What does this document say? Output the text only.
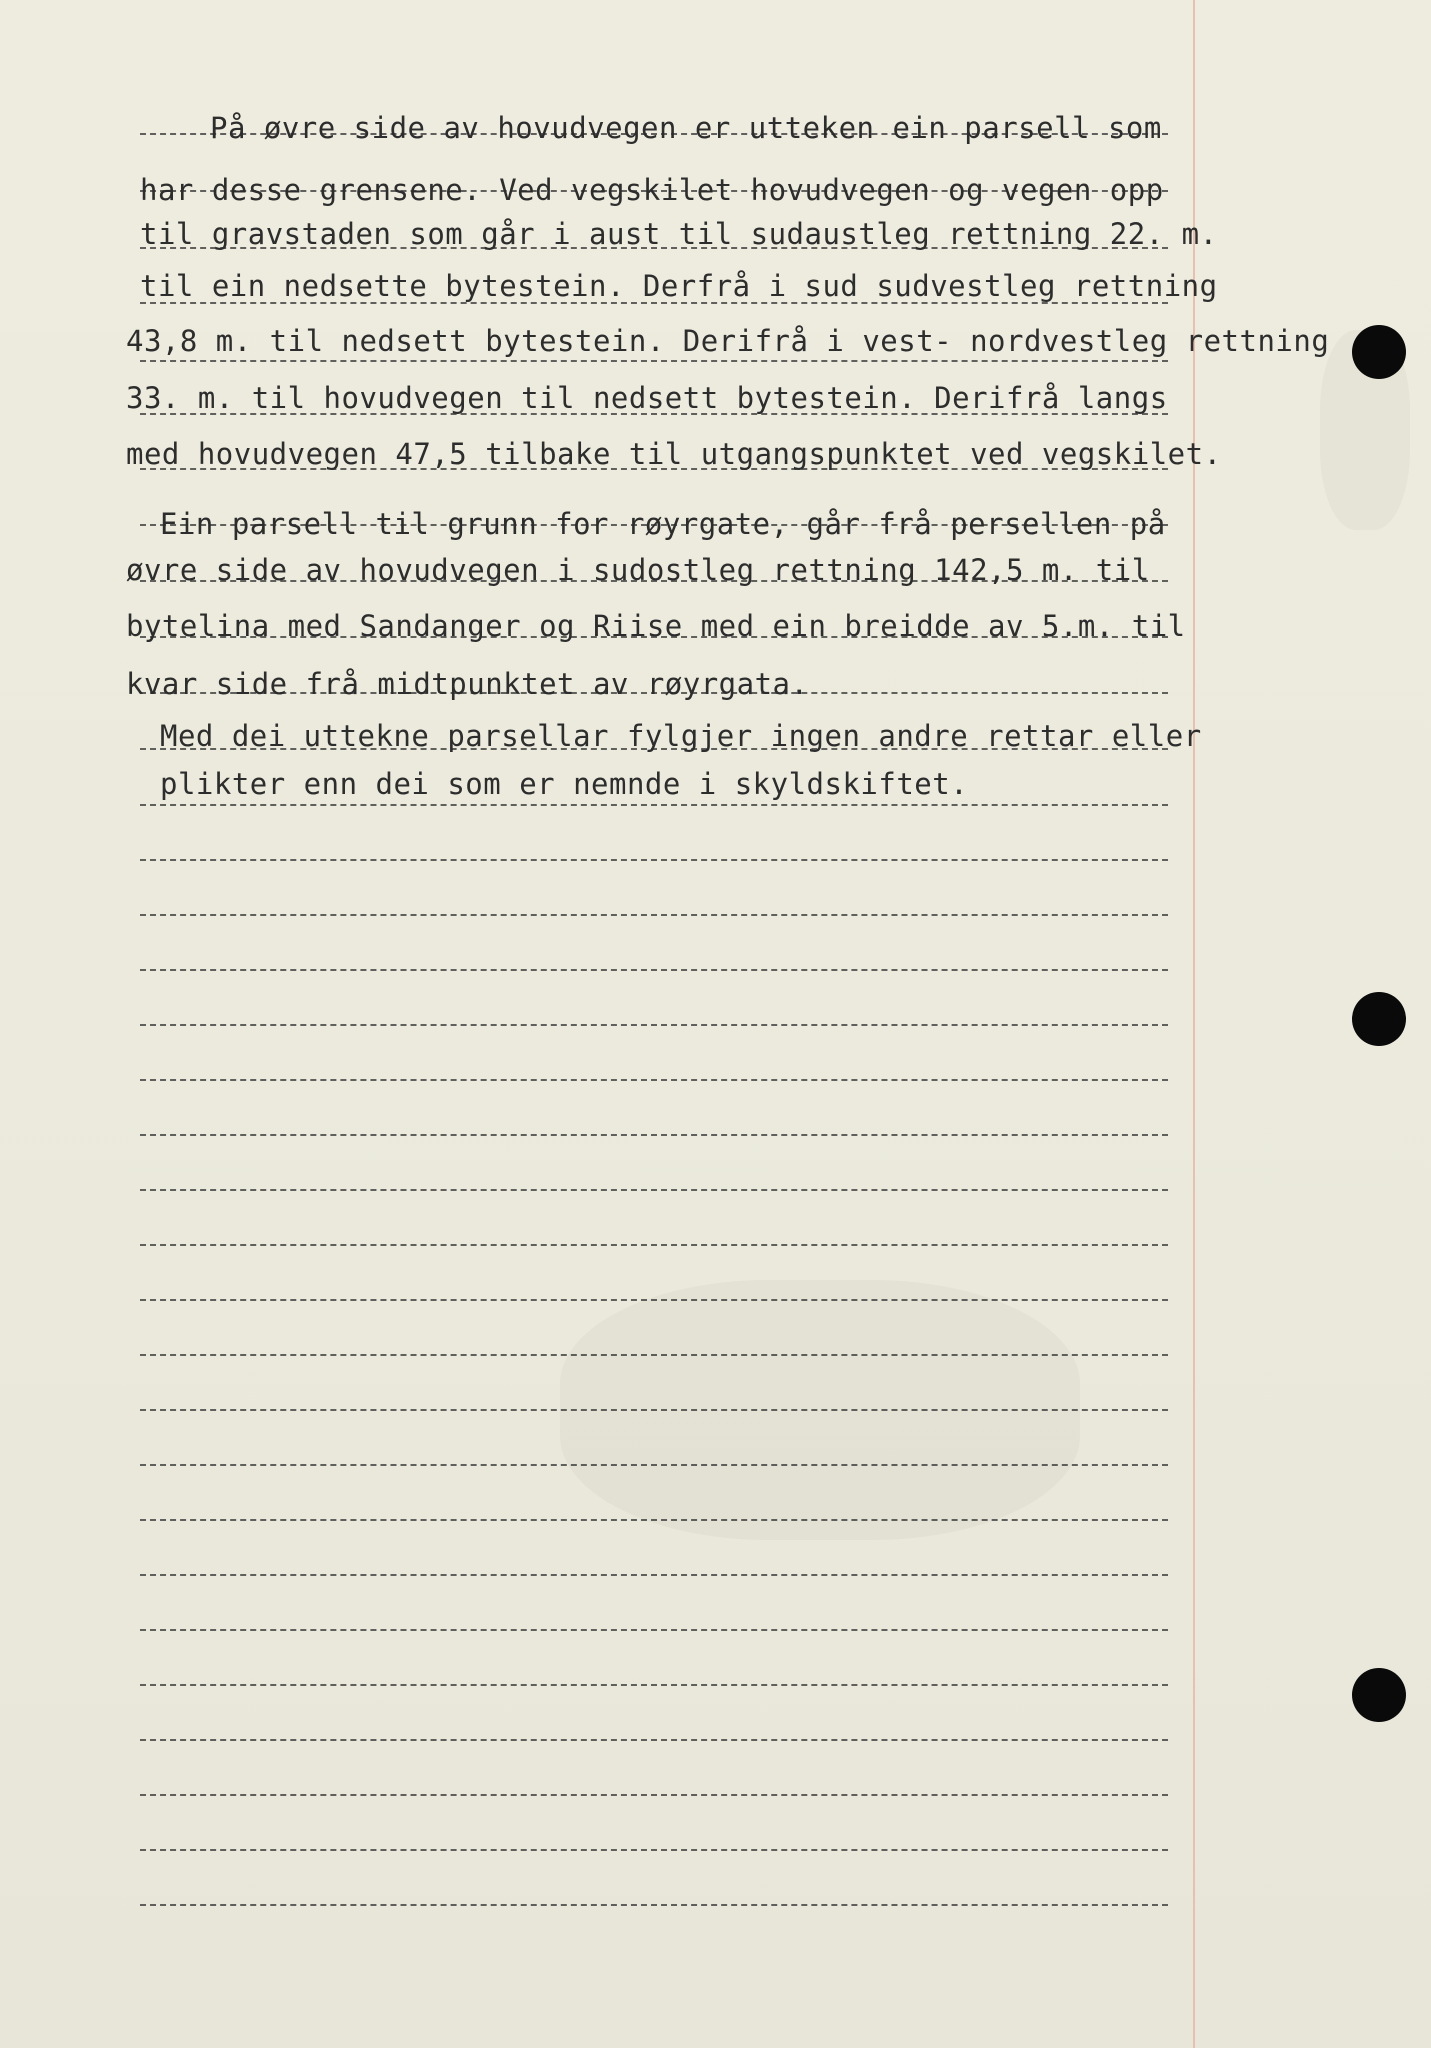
På øvre side av hovudvegen er utteken ein parsell som
har desse grensene. Ved vegskilet hovudvegen og vegen opp
til gravstaden som går i aust til sudaustleg rettning 22. m.
til ein nedsette bytestein. Derfrå i sud sudvestleg rettning
43,8 m. til nedsett bytestein. Derifrå i vest- nordvestleg rettning
33. m. til hovudvegen til nedsett bytestein. Derifrå langs
med hovudvegen 47,5 tilbake til utgangspunktet ved vegskilet.
Ein parsell til grunn for røyrgate, går frå persellen på
øvre side av hovudvegen i sudostleg rettning 142,5 m. til
bytelina med Sandanger og Riise med ein breidde av 5.m. til
kvar side frå midtpunktet av røyrgata.
Med dei uttekne parsellar fylgjer ingen andre rettar eller
plikter enn dei som er nemnde i skyldskiftet.
